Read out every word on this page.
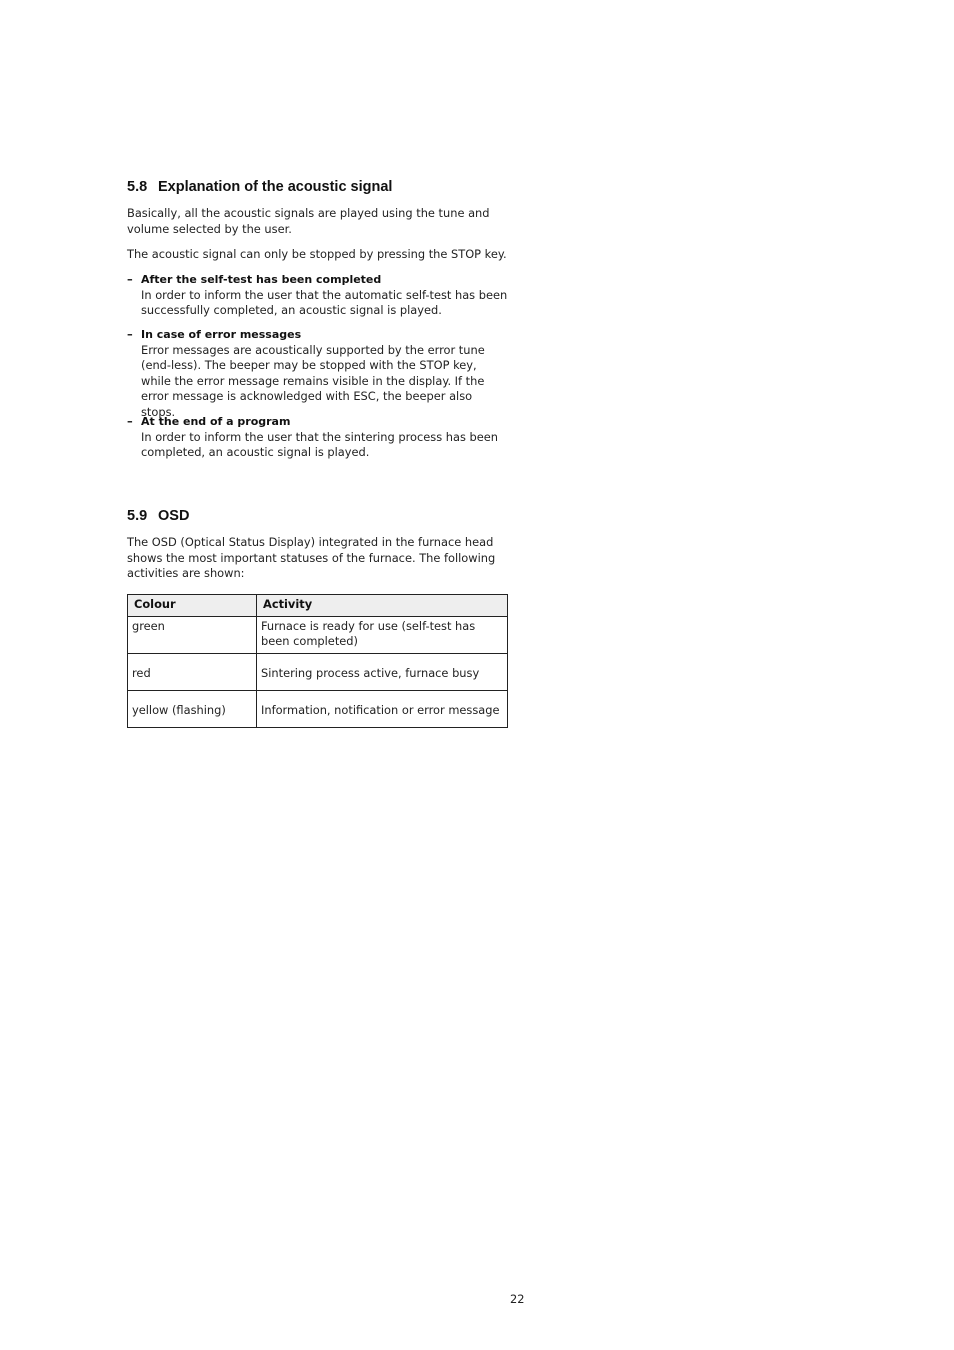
5.8 Explanation of the acoustic signal
Basically, all the acoustic signals are played using the tune and volume selected by the user.
The acoustic signal can only be stopped by pressing the STOP key.
– After the self-test has been completed
In order to inform the user that the automatic self-test has been successfully completed, an acoustic signal is played.
– In case of error messages
Error messages are acoustically supported by the error tune (end-less). The beeper may be stopped with the STOP key, while the error message remains visible in the display. If the error message is acknowledged with ESC, the beeper also stops.
– At the end of a program
In order to inform the user that the sintering process has been completed, an acoustic signal is played.
5.9 OSD
The OSD (Optical Status Display) integrated in the furnace head shows the most important statuses of the furnace. The following activities are shown:
Colour	Activity
green	Furnace is ready for use (self-test has been completed)
red	Sintering process active, furnace busy
yellow (flashing)	Information, notification or error message
22
